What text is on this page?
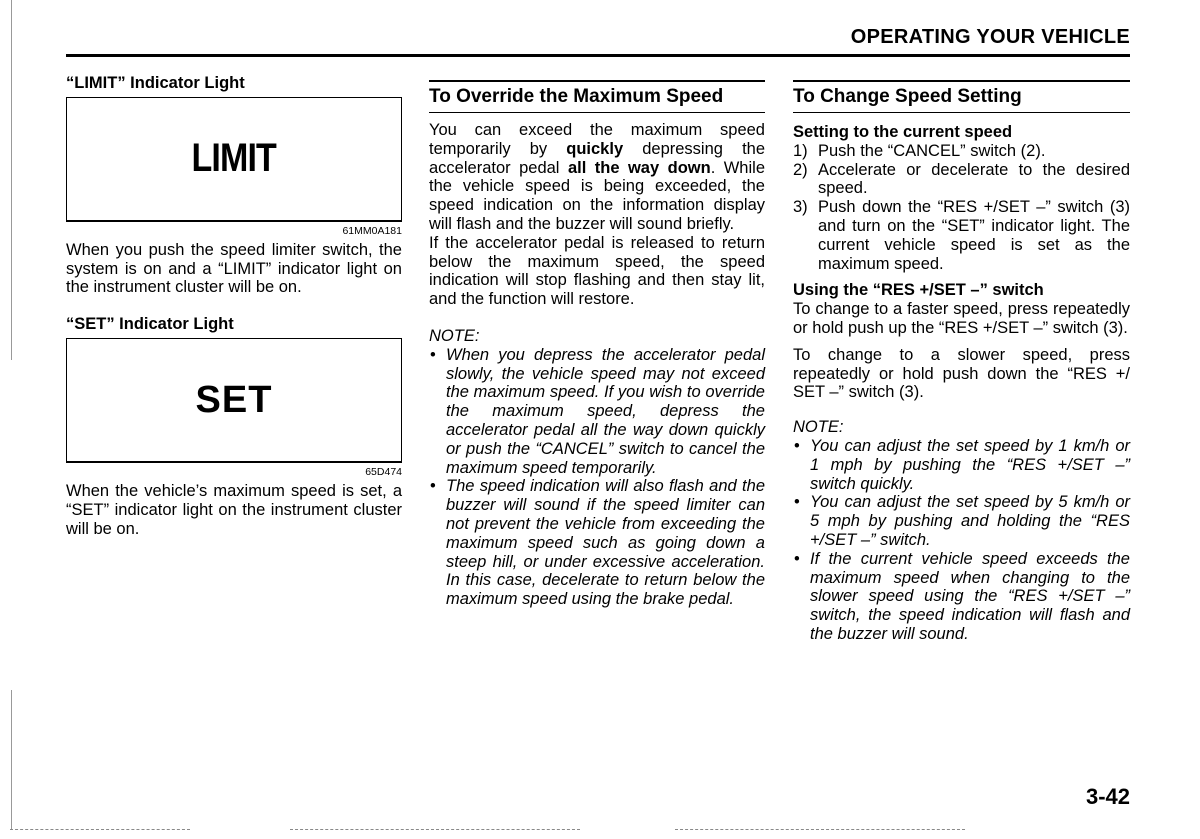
OPERATING YOUR VEHICLE

“LIMIT” Indicator Light

LIMIT
61MM0A181

When you push the speed limiter switch, the system is on and a “LIMIT” indicator light on the instrument cluster will be on.

“SET” Indicator Light

SET
65D474

When the vehicle’s maximum speed is set, a “SET” indicator light on the instrument cluster will be on.

To Override the Maximum Speed

You can exceed the maximum speed temporarily by quickly depressing the accelerator pedal all the way down. While the vehicle speed is being exceeded, the speed indication on the information display will flash and the buzzer will sound briefly.

If the accelerator pedal is released to return below the maximum speed, the speed indication will stop flashing and then stay lit, and the function will restore.

NOTE:

• When you depress the accelerator pedal slowly, the vehicle speed may not exceed the maximum speed. If you wish to override the maximum speed, depress the accelerator pedal all the way down quickly or push the “CANCEL” switch to cancel the maximum speed temporarily.
• The speed indication will also flash and the buzzer will sound if the speed limiter can not prevent the vehicle from exceeding the maximum speed such as going down a steep hill, or under excessive acceleration. In this case, decelerate to return below the maximum speed using the brake pedal.
To Change Speed Setting

Setting to the current speed

1) Push the “CANCEL” switch (2).
2) Accelerate or decelerate to the desired speed.
3) Push down the “RES +/SET –” switch (3) and turn on the “SET” indicator light. The current vehicle speed is set as the maximum speed.

Using the “RES +/SET –” switch

To change to a faster speed, press repeatedly or hold push up the “RES +/SET –” switch (3).

To change to a slower speed, press repeatedly or hold push down the “RES +/ SET –” switch (3).

NOTE:

• You can adjust the set speed by 1 km/h or 1 mph by pushing the “RES +/SET –” switch quickly.
• You can adjust the set speed by 5 km/h or 5 mph by pushing and holding the “RES +/SET –” switch.
• If the current vehicle speed exceeds the maximum speed when changing to the slower speed using the “RES +/SET –” switch, the speed indication will flash and the buzzer will sound.
3-42
